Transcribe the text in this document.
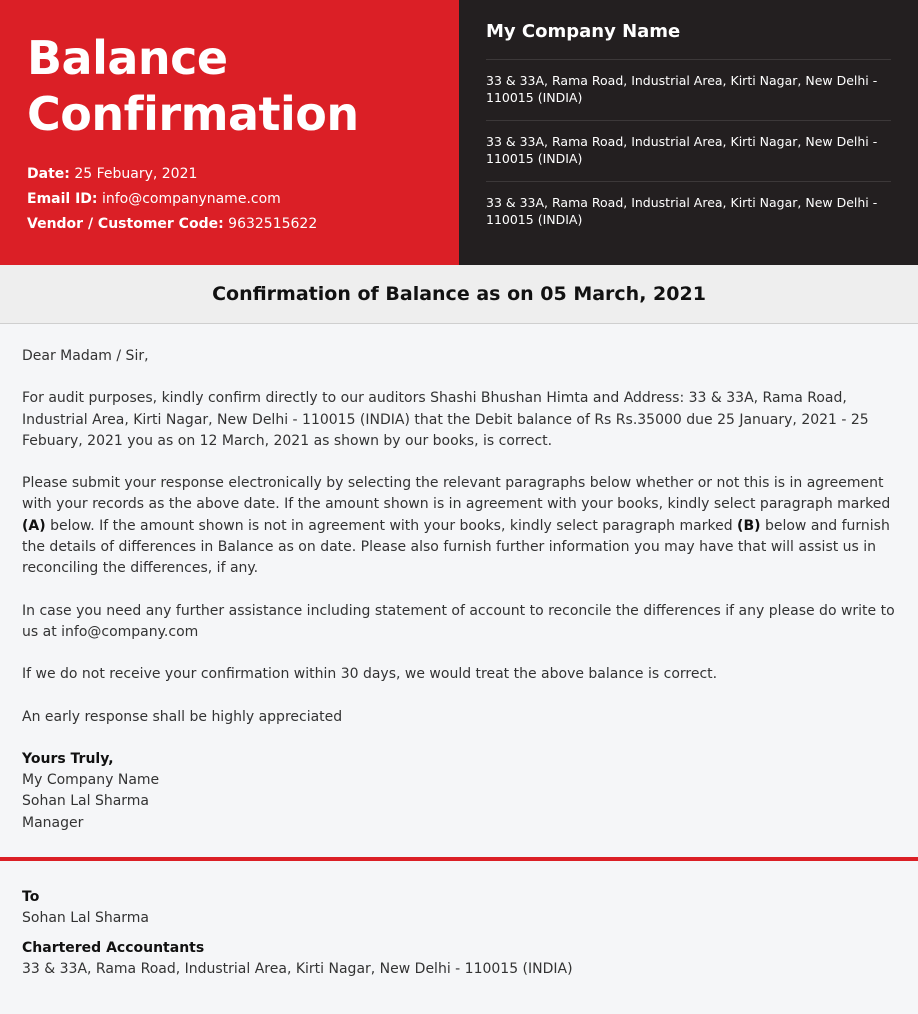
Balance
Confirmation
Date: 25 Febuary, 2021
Email ID: info@companyname.com
Vendor / Customer Code: 9632515622
My Company Name
33 & 33A, Rama Road, Industrial Area, Kirti Nagar, New Delhi - 110015 (INDIA)
33 & 33A, Rama Road, Industrial Area, Kirti Nagar, New Delhi - 110015 (INDIA)
33 & 33A, Rama Road, Industrial Area, Kirti Nagar, New Delhi - 110015 (INDIA)
Confirmation of Balance as on 05 March, 2021

Dear Madam / Sir,

For audit purposes, kindly confirm directly to our auditors Shashi Bhushan Himta and Address: 33 & 33A, Rama Road, Industrial Area, Kirti Nagar, New Delhi - 110015 (INDIA) that the Debit balance of Rs Rs.35000 due 25 January, 2021 - 25 Febuary, 2021 you as on 12 March, 2021 as shown by our books, is correct.

Please submit your response electronically by selecting the relevant paragraphs below whether or not this is in agreement with your records as the above date. If the amount shown is in agreement with your books, kindly select paragraph marked (A) below. If the amount shown is not in agreement with your books, kindly select paragraph marked (B) below and furnish the details of differences in Balance as on date. Please also furnish further information you may have that will assist us in reconciling the differences, if any.

In case you need any further assistance including statement of account to reconcile the differences if any please do write to us at info@company.com

If we do not receive your confirmation within 30 days, we would treat the above balance is correct.

An early response shall be highly appreciated

Yours Truly,
My Company Name
Sohan Lal Sharma
Manager
To
Sohan Lal Sharma
Chartered Accountants
33 & 33A, Rama Road, Industrial Area, Kirti Nagar, New Delhi - 110015 (INDIA)
